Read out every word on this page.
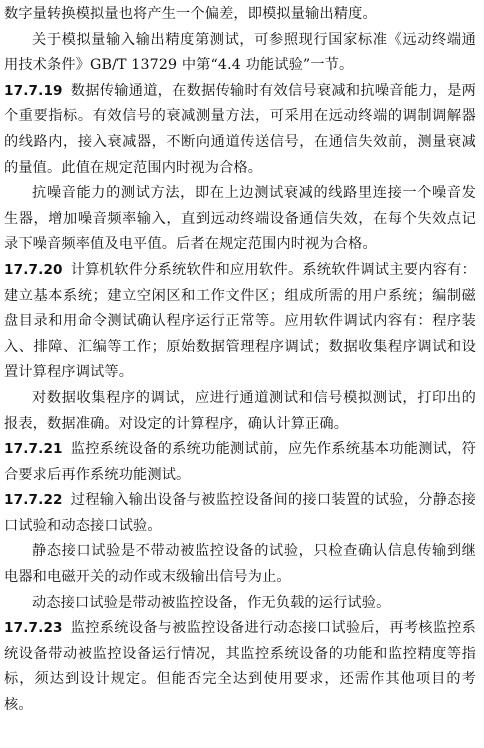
数字量转换模拟量也将产生一个偏差，即模拟量输出精度。

关于模拟量输入输出精度第测试，可参照现行国家标准《远动终端通用技术条件》GB/T 13729 中第“4.4 功能试验”一节。

17.7.19 数据传输通道，在数据传输时有效信号衰减和抗噪音能力，是两个重要指标。有效信号的衰减测量方法，可采用在远动终端的调制调解器的线路内，接入衰减器，不断向通道传送信号，在通信失效前，测量衰减的量值。此值在规定范围内时视为合格。

抗噪音能力的测试方法，即在上边测试衰减的线路里连接一个噪音发生器，增加噪音频率输入，直到远动终端设备通信失效，在每个失效点记录下噪音频率值及电平值。后者在规定范围内时视为合格。

17.7.20 计算机软件分系统软件和应用软件。系统软件调试主要内容有：建立基本系统；建立空闲区和工作文件区；组成所需的用户系统；编制磁盘目录和用命令测试确认程序运行正常等。应用软件调试内容有：程序装入、排障、汇编等工作；原始数据管理程序调试；数据收集程序调试和设置计算程序调试等。

对数据收集程序的调试，应进行通道测试和信号模拟测试，打印出的报表，数据准确。对设定的计算程序，确认计算正确。

17.7.21 监控系统设备的系统功能测试前，应先作系统基本功能测试，符合要求后再作系统功能测试。

17.7.22 过程输入输出设备与被监控设备间的接口装置的试验，分静态接口试验和动态接口试验。

静态接口试验是不带动被监控设备的试验，只检查确认信息传输到继电器和电磁开关的动作或末级输出信号为止。

动态接口试验是带动被监控设备，作无负载的运行试验。

17.7.23 监控系统设备与被监控设备进行动态接口试验后，再考核监控系统设备带动被监控设备运行情况，其监控系统设备的功能和监控精度等指标，须达到设计规定。但能否完全达到使用要求，还需作其他项目的考核。
